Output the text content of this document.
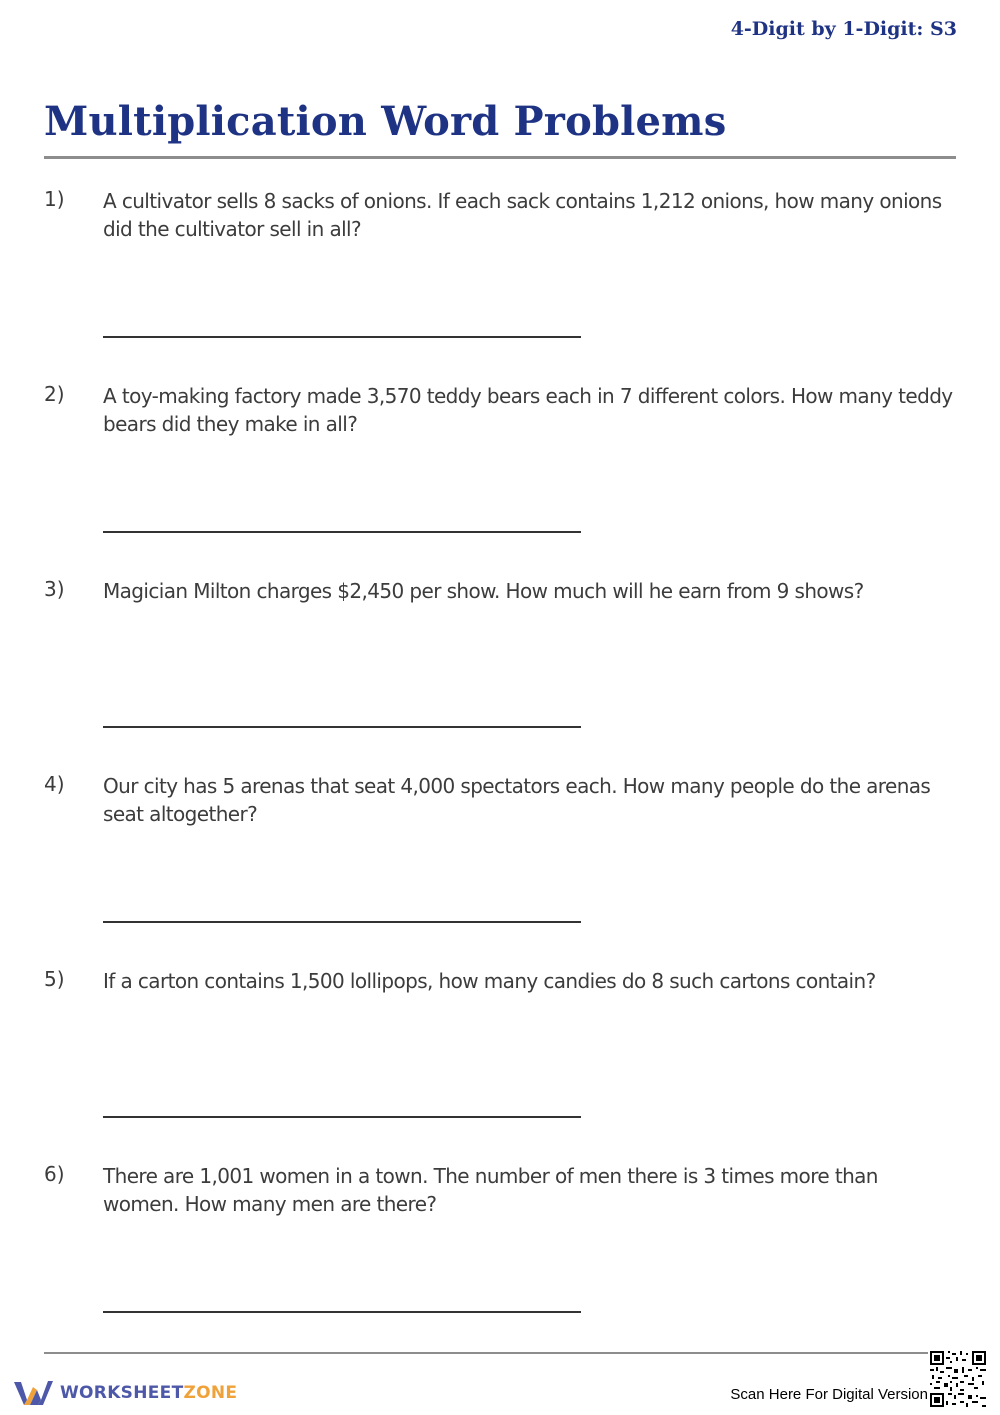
4-Digit by 1-Digit: S3
Multiplication Word Problems
1) A cultivator sells 8 sacks of onions. If each sack contains 1,212 onions, how many onions did the cultivator sell in all?

2) A toy-making factory made 3,570 teddy bears each in 7 different colors. How many teddy bears did they make in all?

3) Magician Milton charges $2,450 per show. How much will he earn from 9 shows?

4) Our city has 5 arenas that seat 4,000 spectators each. How many people do the arenas seat altogether?

5) If a carton contains 1,500 lollipops, how many candies do 8 such cartons contain?

6) There are 1,001 women in a town. The number of men there is 3 times more than women. How many men are there?

WORKSHEETZONE	Scan Here For Digital Version
